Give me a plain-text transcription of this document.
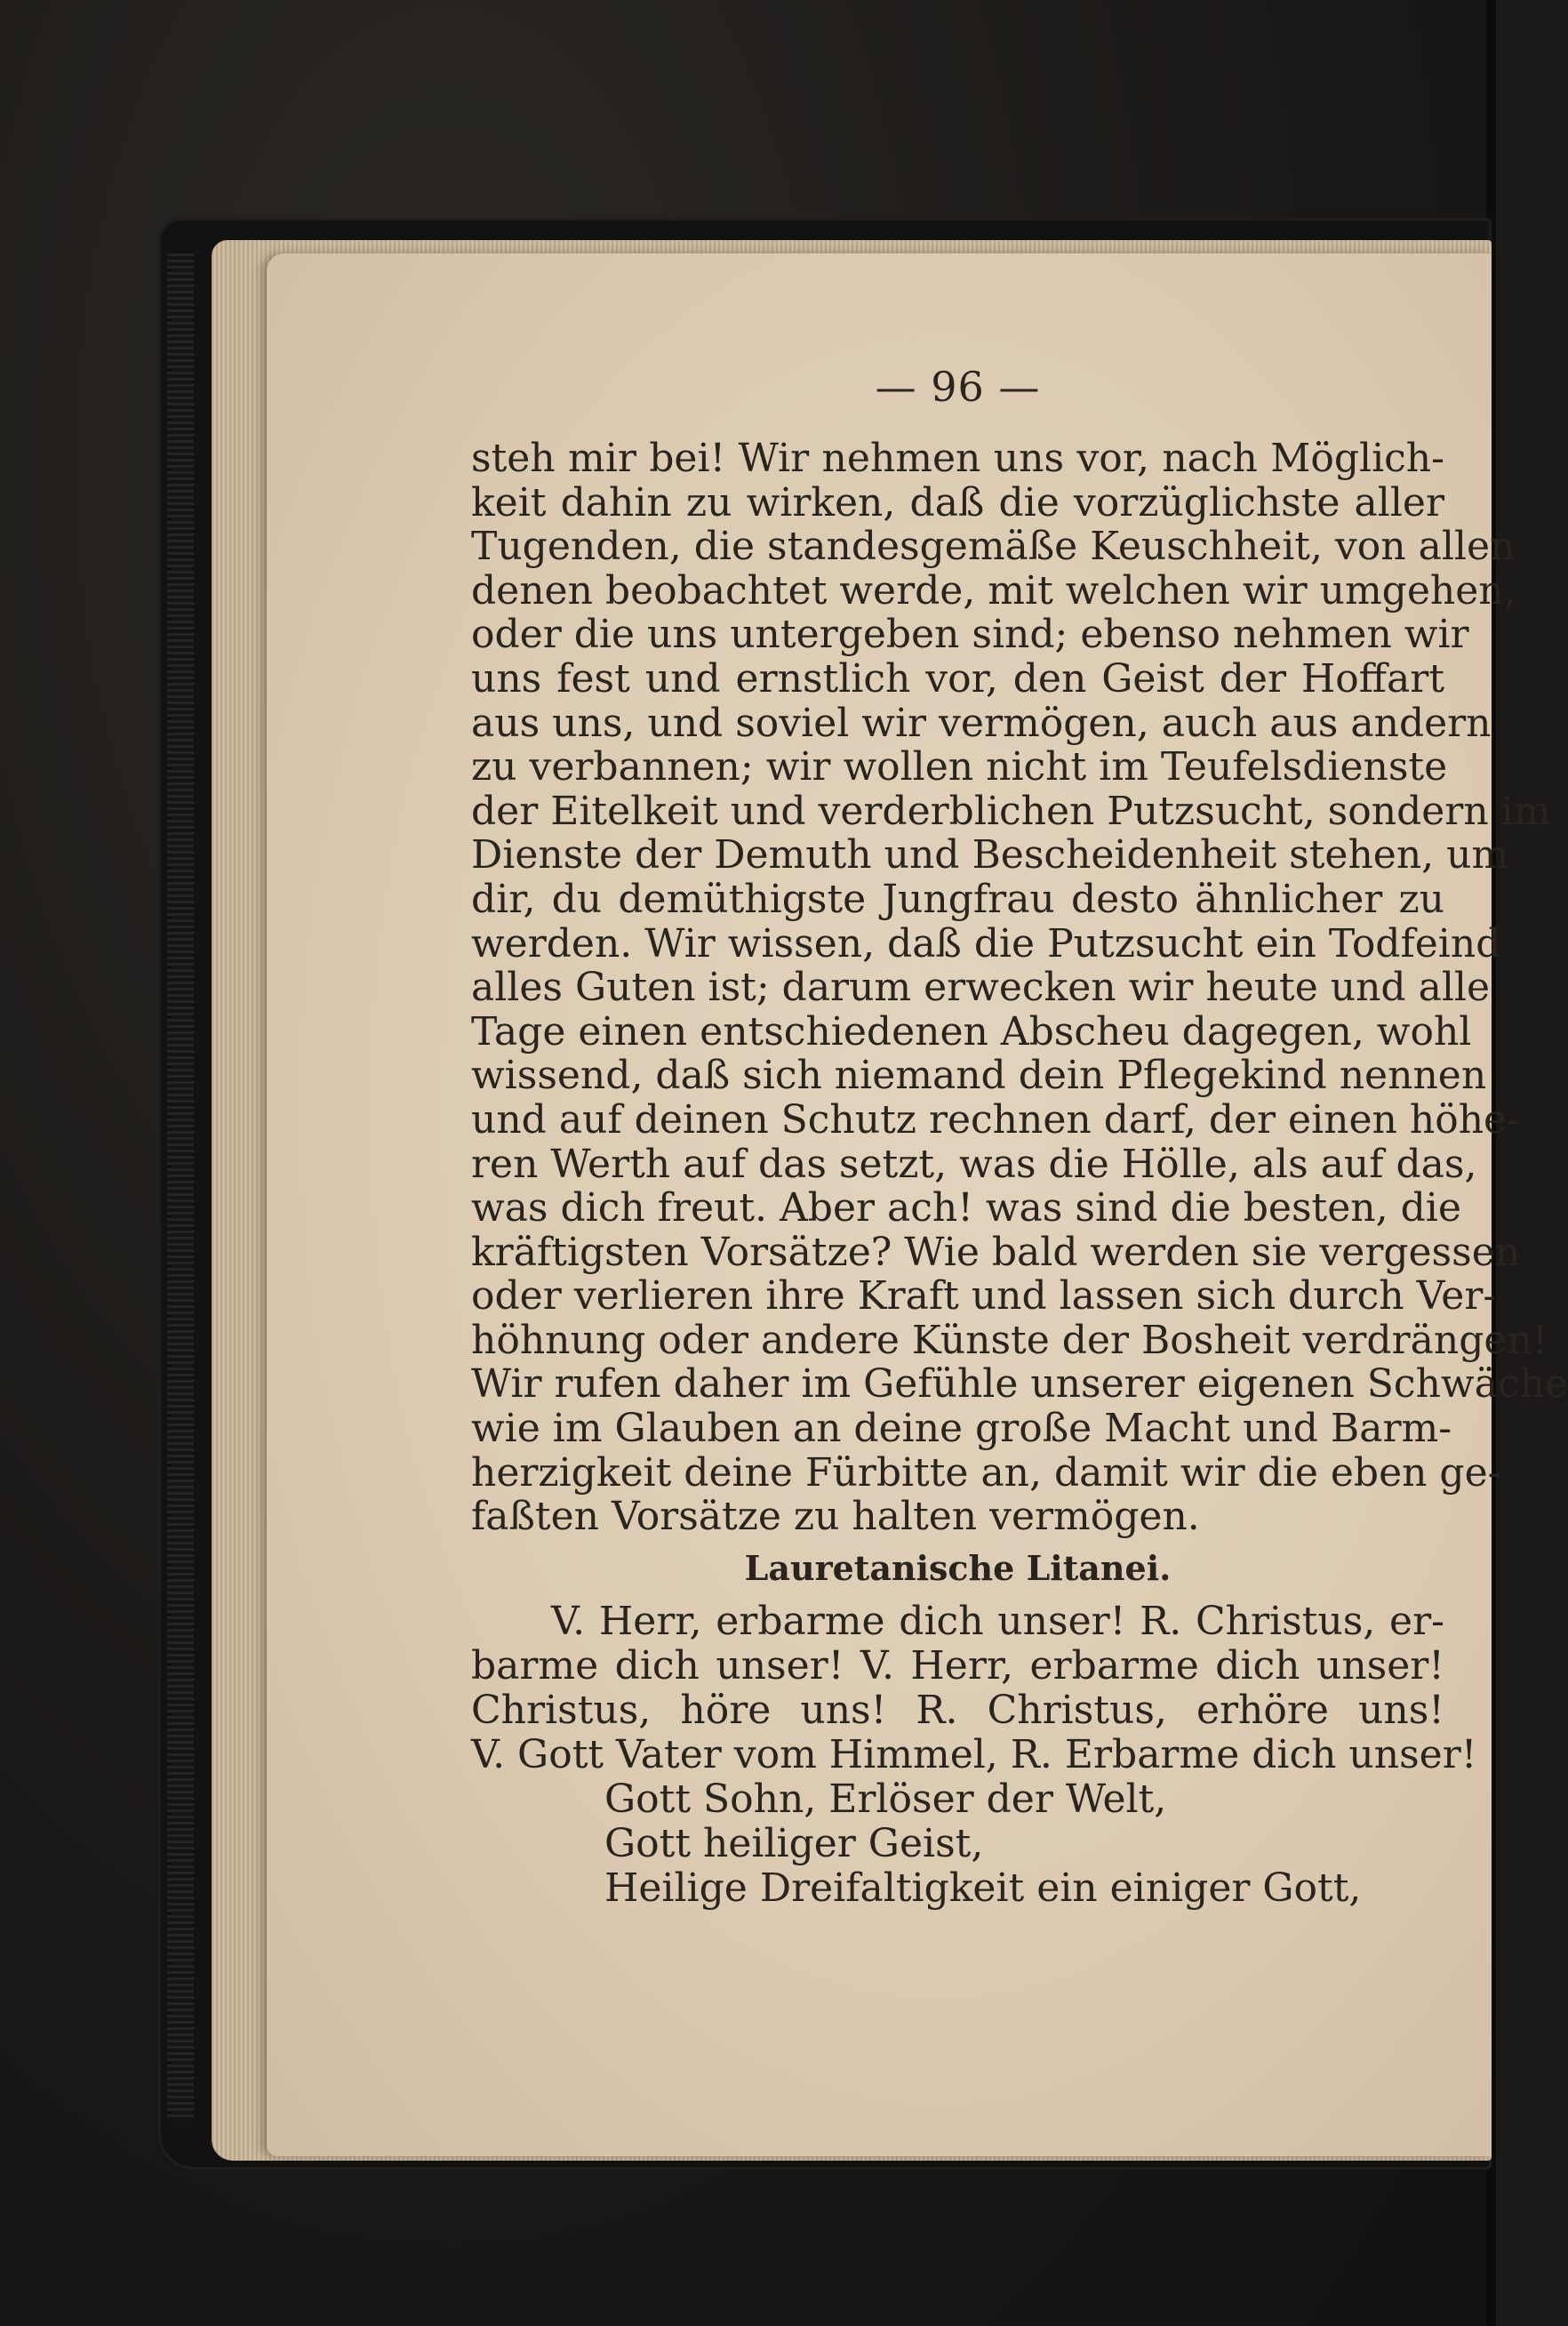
— 96 —
steh mir bei! Wir nehmen uns vor, nach Möglich-
keit dahin zu wirken, daß die vorzüglichste aller
Tugenden, die standesgemäße Keuschheit, von allen
denen beobachtet werde, mit welchen wir umgehen,
oder die uns untergeben sind; ebenso nehmen wir
uns fest und ernstlich vor, den Geist der Hoffart
aus uns, und soviel wir vermögen, auch aus andern
zu verbannen; wir wollen nicht im Teufelsdienste
der Eitelkeit und verderblichen Putzsucht, sondern im
Dienste der Demuth und Bescheidenheit stehen, um
dir, du demüthigste Jungfrau desto ähnlicher zu
werden. Wir wissen, daß die Putzsucht ein Todfeind
alles Guten ist; darum erwecken wir heute und alle
Tage einen entschiedenen Abscheu dagegen, wohl
wissend, daß sich niemand dein Pflegekind nennen
und auf deinen Schutz rechnen darf, der einen höhe-
ren Werth auf das setzt, was die Hölle, als auf das,
was dich freut. Aber ach! was sind die besten, die
kräftigsten Vorsätze? Wie bald werden sie vergessen
oder verlieren ihre Kraft und lassen sich durch Ver-
höhnung oder andere Künste der Bosheit verdrängen!
Wir rufen daher im Gefühle unserer eigenen Schwäche
wie im Glauben an deine große Macht und Barm-
herzigkeit deine Fürbitte an, damit wir die eben ge-
faßten Vorsätze zu halten vermögen.
Lauretanische Litanei.
V. Herr, erbarme dich unser! R. Christus, er-
barme dich unser! V. Herr, erbarme dich unser!
Christus, höre uns! R. Christus, erhöre uns!
V. Gott Vater vom Himmel, R. Erbarme dich unser!
Gott Sohn, Erlöser der Welt,
Gott heiliger Geist,
Heilige Dreifaltigkeit ein einiger Gott,
